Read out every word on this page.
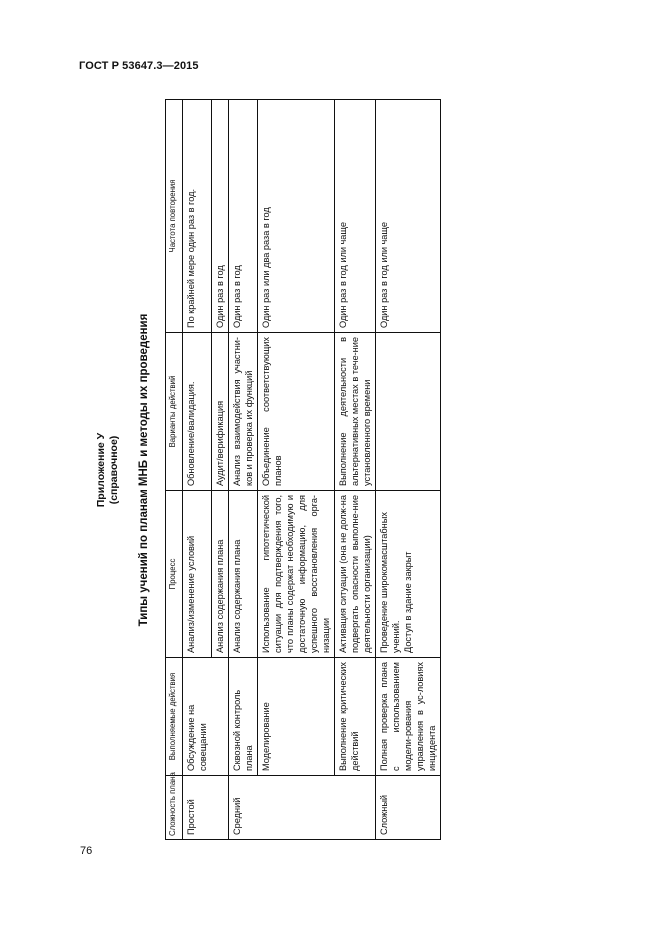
ГОСТ Р 53647.3—2015
Приложение У (справочное) Типы учений по планам МНБ и методы их проведения
Сложность плана	Выполняемые действия	Процесс	Варианты действий	Частота повторения
Простой	Обсуждение на совещании	Анализ/изменение условий	Обновление/валидация.	По крайней мере один раз в год.
		Анализ содержания плана	Аудит/верификация	Один раз в год
Средний	Сквозной контроль плана	Анализ содержания плана	Анализ взаимодействия участни-ков и проверка их функций	Один раз в год
	Моделирование	Использование гипотетической ситуации для подтверждения того, что планы содержат необходимую и достаточную информацию, для успешного восстановления орга-низации	Объединение соответствующих планов	Один раз или два раза в год
	Выполнение критических действий	Активация ситуации (она не долж-на подвергать опасности выполне-ние деятельности организации)	Выполнение деятельности в альтернативных местах в тече-ние установленного времени	Один раз в год или чаще
Сложный	Полная проверка плана с использованием модели-рования управления в ус-ловиях инцидента	Проведение широкомасштабных учений. Доступ в здание закрыт		Один раз в год или чаще
76
